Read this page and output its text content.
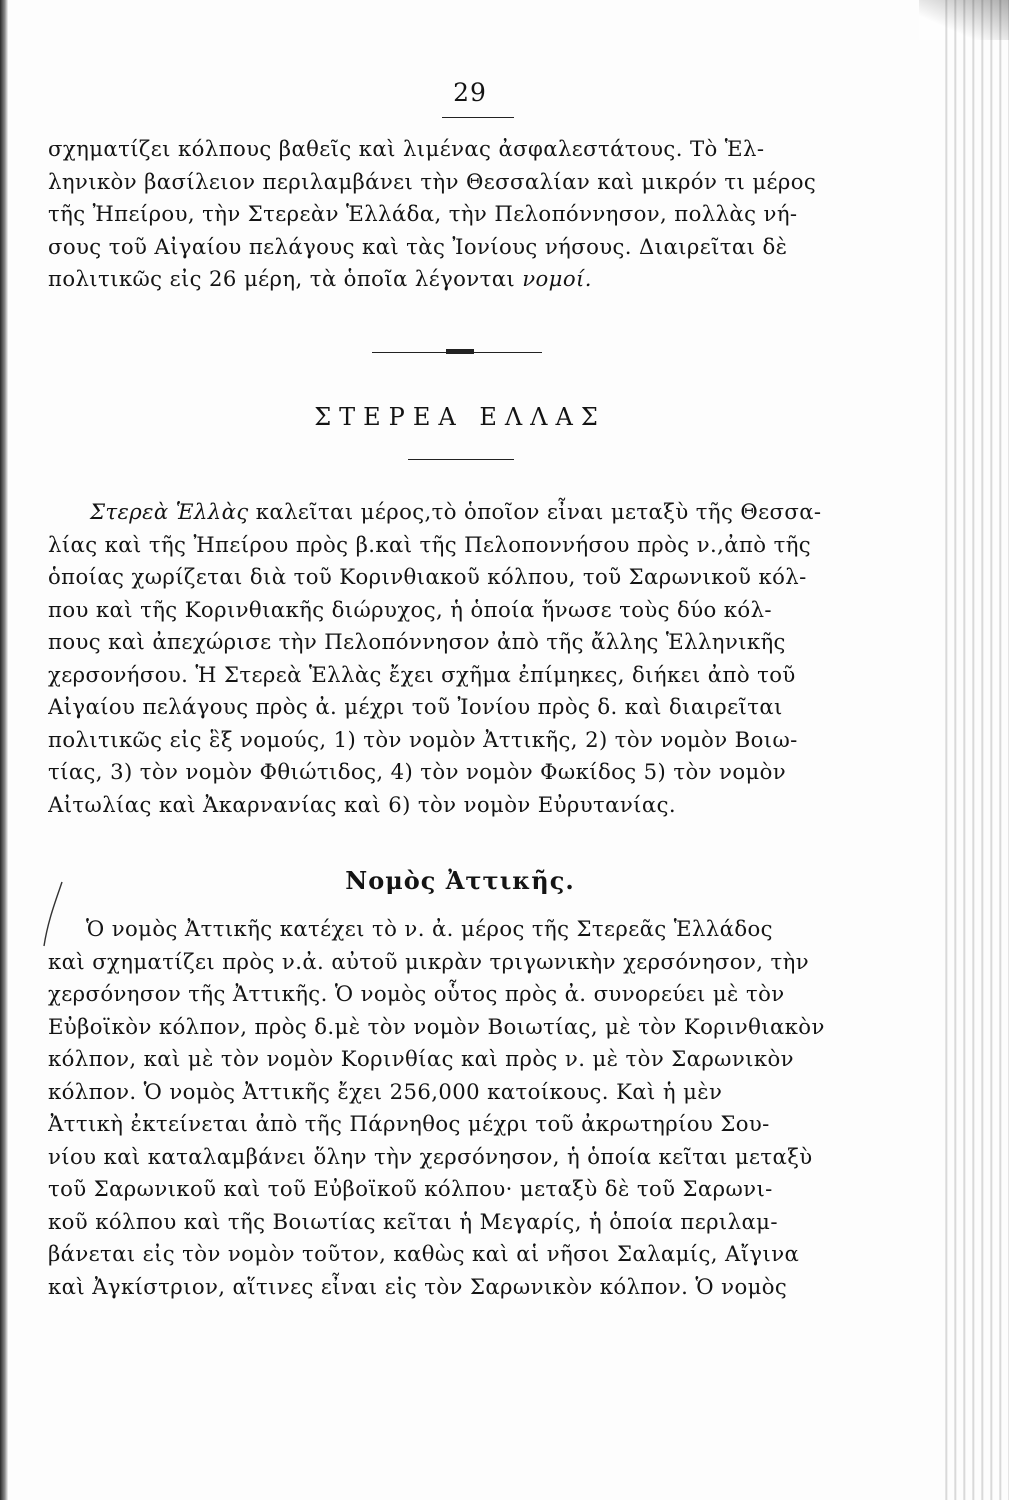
29
σχηματίζει κόλπους βαθεῖς καὶ λιμένας ἀσφαλεστάτους. Τὸ Ἑλ-
ληνικὸν βασίλειον περιλαμβάνει τὴν Θεσσαλίαν καὶ μικρόν τι μέρος
τῆς Ἠπείρου, τὴν Στερεὰν Ἑλλάδα, τὴν Πελοπόννησον, πολλὰς νή-
σους τοῦ Αἰγαίου πελάγους καὶ τὰς Ἰονίους νήσους. Διαιρεῖται δὲ
πολιτικῶς εἰς 26 μέρη, τὰ ὁποῖα λέγονται νομοί.
ΣΤΕΡΕΑ ΕΛΛΑΣ
Στερεὰ Ἑλλὰς καλεῖται μέρος,τὸ ὁποῖον εἶναι μεταξὺ τῆς Θεσσα-
λίας καὶ τῆς Ἠπείρου πρὸς β.καὶ τῆς Πελοποννήσου πρὸς ν.,ἀπὸ τῆς
ὁποίας χωρίζεται διὰ τοῦ Κορινθιακοῦ κόλπου, τοῦ Σαρωνικοῦ κόλ-
που καὶ τῆς Κορινθιακῆς διώρυχος, ἡ ὁποία ἥνωσε τοὺς δύο κόλ-
πους καὶ ἀπεχώρισε τὴν Πελοπόννησον ἀπὸ τῆς ἄλλης Ἑλληνικῆς
χερσονήσου. Ἡ Στερεὰ Ἑλλὰς ἔχει σχῆμα ἐπίμηκες, διήκει ἀπὸ τοῦ
Αἰγαίου πελάγους πρὸς ἀ. μέχρι τοῦ Ἰονίου πρὸς δ. καὶ διαιρεῖται
πολιτικῶς εἰς ἓξ νομούς, 1) τὸν νομὸν Ἀττικῆς, 2) τὸν νομὸν Βοιω-
τίας, 3) τὸν νομὸν Φθιώτιδος, 4) τὸν νομὸν Φωκίδος 5) τὸν νομὸν
Αἰτωλίας καὶ Ἀκαρνανίας καὶ 6) τὸν νομὸν Εὐρυτανίας.
Νομὸς Ἀττικῆς.
Ὁ νομὸς Ἀττικῆς κατέχει τὸ ν. ἀ. μέρος τῆς Στερεᾶς Ἑλλάδος
καὶ σχηματίζει πρὸς ν.ἀ. αὐτοῦ μικρὰν τριγωνικὴν χερσόνησον, τὴν
χερσόνησον τῆς Ἀττικῆς. Ὁ νομὸς οὗτος πρὸς ἀ. συνορεύει μὲ τὸν
Εὐβοϊκὸν κόλπον, πρὸς δ.μὲ τὸν νομὸν Βοιωτίας, μὲ τὸν Κορινθιακὸν
κόλπον, καὶ μὲ τὸν νομὸν Κορινθίας καὶ πρὸς ν. μὲ τὸν Σαρωνικὸν
κόλπον. Ὁ νομὸς Ἀττικῆς ἔχει 256,000 κατοίκους. Καὶ ἡ μὲν
Ἀττικὴ ἐκτείνεται ἀπὸ τῆς Πάρνηθος μέχρι τοῦ ἀκρωτηρίου Σου-
νίου καὶ καταλαμβάνει ὅλην τὴν χερσόνησον, ἡ ὁποία κεῖται μεταξὺ
τοῦ Σαρωνικοῦ καὶ τοῦ Εὐβοϊκοῦ κόλπου· μεταξὺ δὲ τοῦ Σαρωνι-
κοῦ κόλπου καὶ τῆς Βοιωτίας κεῖται ἡ Μεγαρίς, ἡ ὁποία περιλαμ-
βάνεται εἰς τὸν νομὸν τοῦτον, καθὼς καὶ αἱ νῆσοι Σαλαμίς, Αἴγινα
καὶ Ἀγκίστριον, αἵτινες εἶναι εἰς τὸν Σαρωνικὸν κόλπον. Ὁ νομὸς
